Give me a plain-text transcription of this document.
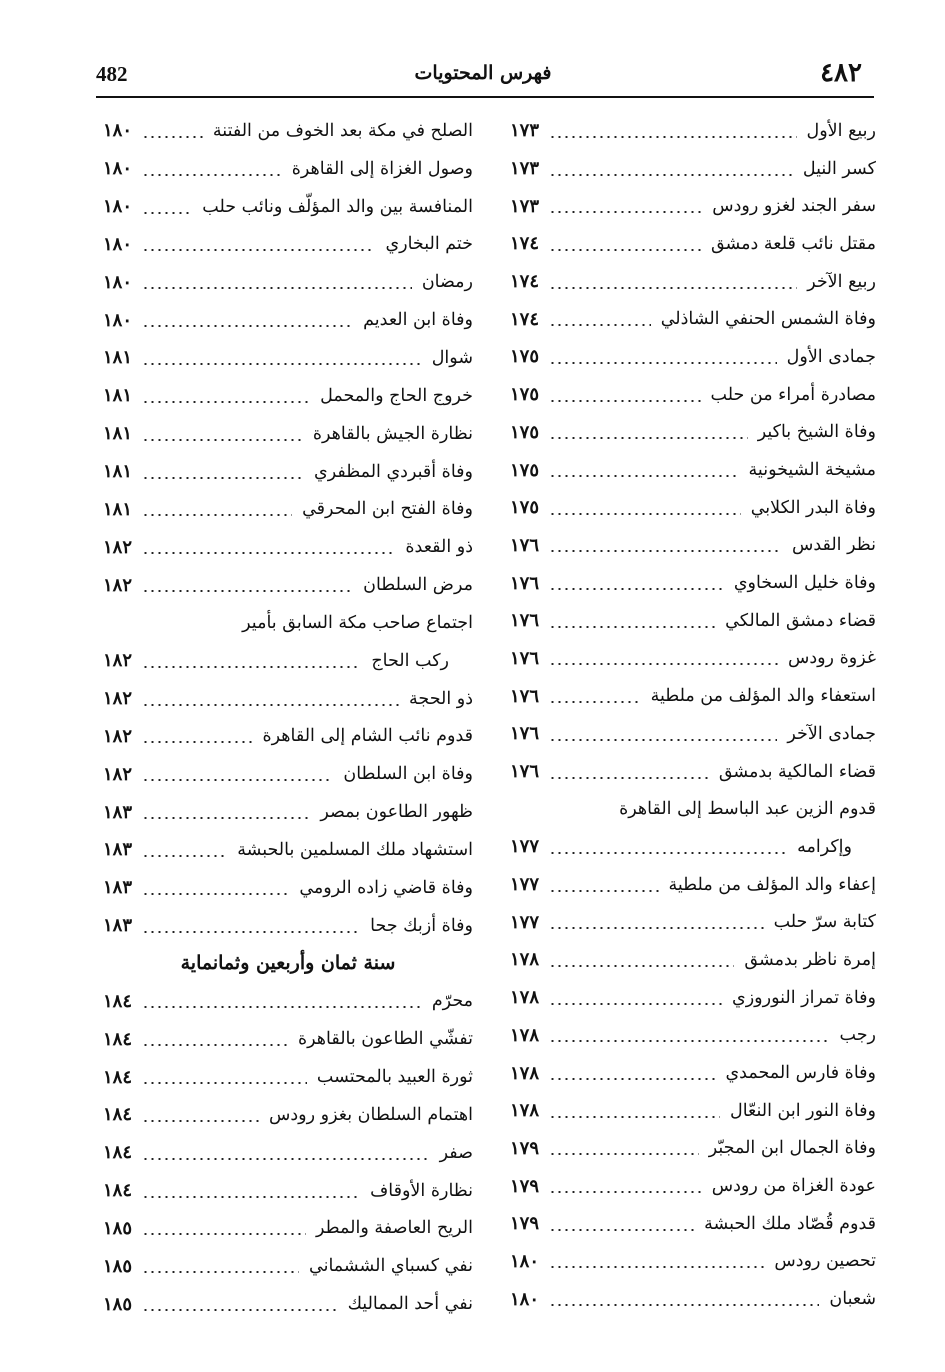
٤٨٢
فهرس المحتويات
482
ربيع الأول
١٧٣
كسر النيل
١٧٣
سفر الجند لغزو رودس
١٧٣
مقتل نائب قلعة دمشق
١٧٤
ربيع الآخر
١٧٤
وفاة الشمس الحنفي الشاذلي
١٧٤
جمادى الأول
١٧٥
مصادرة أمراء من حلب
١٧٥
وفاة الشيخ باكير
١٧٥
مشيخة الشيخونية
١٧٥
وفاة البدر الكلابي
١٧٥
نظر القدس
١٧٦
وفاة خليل السخاوي
١٧٦
قضاء دمشق المالكي
١٧٦
غزوة رودس
١٧٦
استعفاء والد المؤلف من ملطية
١٧٦
جمادى الآخر
١٧٦
قضاء المالكية بدمشق
١٧٦
قدوم الزين عبد الباسط إلى القاهرة
وإكرامه
١٧٧
إعفاء والد المؤلف من ملطية
١٧٧
كتابة سرّ حلب
١٧٧
إمرة ناظر بدمشق
١٧٨
وفاة تمراز النوروزي
١٧٨
رجب
١٧٨
وفاة فارس المحمدي
١٧٨
وفاة النور ابن النعّال
١٧٨
وفاة الجمال ابن المجبّر
١٧٩
عودة الغزاة من رودس
١٧٩
قدوم قُصّاد ملك الحبشة
١٧٩
تحصين رودس
١٨٠
شعبان
١٨٠
الصلح في مكة بعد الخوف من الفتنة
١٨٠
وصول الغزاة إلى القاهرة
١٨٠
المنافسة بين والد المؤلّف ونائب حلب
١٨٠
ختم البخاري
١٨٠
رمضان
١٨٠
وفاة ابن العديم
١٨٠
شوال
١٨١
خروج الحاج والمحمل
١٨١
نظارة الجيش بالقاهرة
١٨١
وفاة أقبردي المظفري
١٨١
وفاة الفتح ابن المحرقي
١٨١
ذو القعدة
١٨٢
مرض السلطان
١٨٢
اجتماع صاحب مكة السابق بأمير
ركب الحاج
١٨٢
ذو الحجة
١٨٢
قدوم نائب الشام إلى القاهرة
١٨٢
وفاة ابن السلطان
١٨٢
ظهور الطاعون بمصر
١٨٣
استشهاد ملك المسلمين بالحبشة
١٨٣
وفاة قاضي زاده الرومي
١٨٣
وفاة أزبك جحا
١٨٣
سنة ثمان وأربعين وثمانماية
محرّم
١٨٤
تفشّي الطاعون بالقاهرة
١٨٤
ثورة العبيد بالمحتسب
١٨٤
اهتمام السلطان بغزو رودس
١٨٤
صفر
١٨٤
نظارة الأوقاف
١٨٤
الريح العاصفة والمطر
١٨٥
نفي كسباي الششماني
١٨٥
نفي أحد المماليك
١٨٥
